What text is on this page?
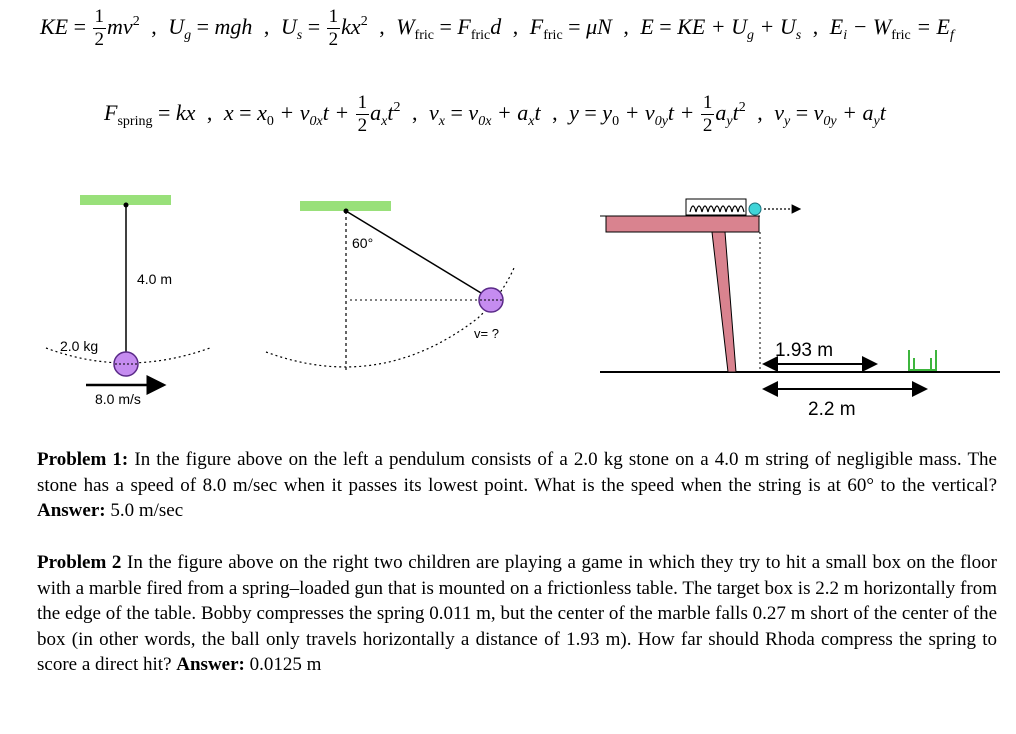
KE = $\frac{1}{2} mv^2$ , $U_g$ = mgh , $U_s = \frac{1}{2} kx^2$ , $W_{fric} = F_{fric}d$ , $F_{fric} = \mu N$ , E = KE + $U_g + U_s$ , $E_i - W_{fric} = E_f$
$F_{spring}$ = kx , $x = x_0 + v_{0x}t + \frac{1}{2} a_xt^2$ , $v_x = v_{0x} + a_xt$ , $y = y_0 + v_{0y}t + \frac{1}{2} a_yt^2$ , $v_y = v_{0y} + a_yt$
4.0 m
2.0 kg
8.0 m/s
60°
v= ?
1.93 m
2.2 m
Problem 1: In the figure above on the left a pendulum consists of a 2.0 kg stone on a 4.0 m string of negligible mass. The stone has a speed of 8.0 m/sec when it passes its lowest point. What is the speed when the string is at 60° to the vertical? Answer: 5.0 m/sec
Problem 2 In the figure above on the right two children are playing a game in which they try to hit a small box on the floor with a marble fired from a spring–loaded gun that is mounted on a frictionless table. The target box is 2.2 m horizontally from the edge of the table. Bobby compresses the spring 0.011 m, but the center of the marble falls 0.27 m short of the center of the box (in other words, the ball only travels horizontally a distance of 1.93 m). How far should Rhoda compress the spring to score a direct hit? Answer: 0.0125 m
